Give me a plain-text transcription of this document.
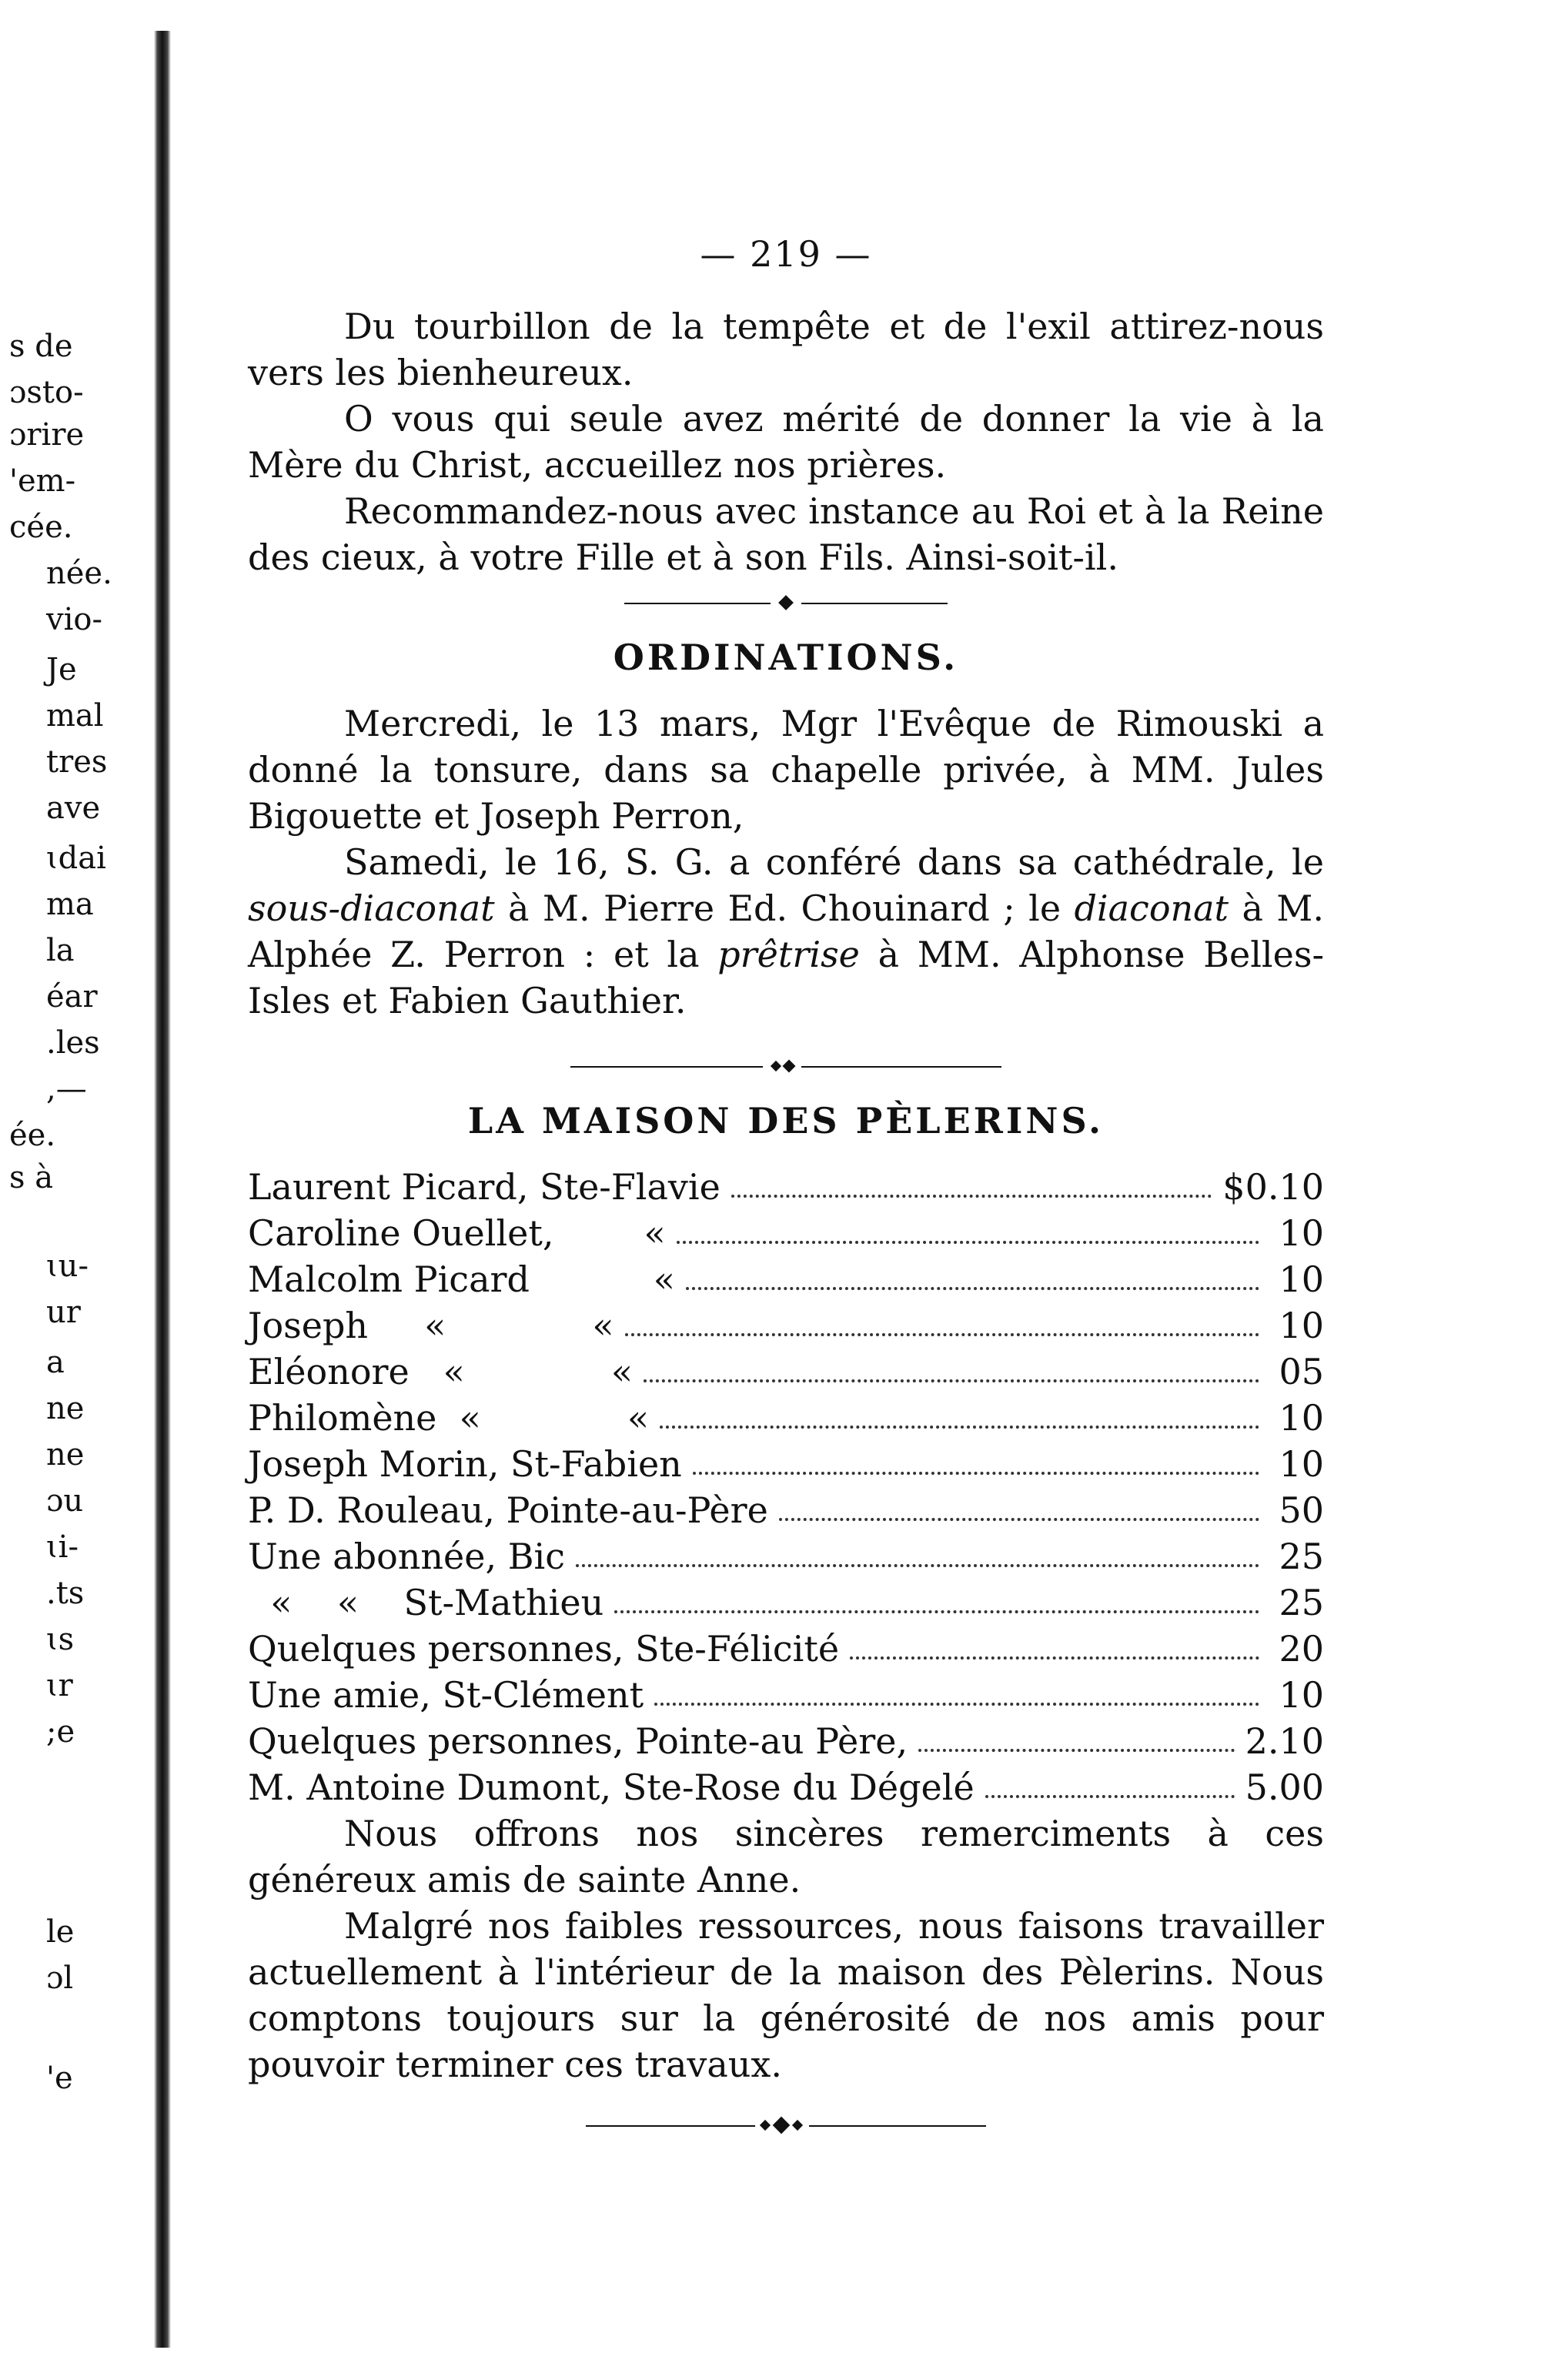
s de
ɔsto-
ɔrire
'em-
cée.
née.
vio-
Je
mal
tres
ave
ɩdai
ma
la
éar
.les
,—
ée.
s à
ɩu-
ur
a
ne
ne
ɔu
ɩi-
.ts
ɩs
ɩr
;e
le
ɔl
'e
— 219 —

Du tourbillon de la tempête et de l'exil attirez-nous vers les bienheureux.

O vous qui seule avez mérité de donner la vie à la Mère du Christ, accueillez nos prières.

Recommandez-nous avec instance au Roi et à la Reine des cieux, à votre Fille et à son Fils. Ainsi-soit-il.

ORDINATIONS.

Mercredi, le 13 mars, Mgr l'Evêque de Rimouski a donné la tonsure, dans sa chapelle privée, à MM. Jules Bigouette et Joseph Perron,

Samedi, le 16, S. G. a conféré dans sa cathédrale, le sous-diaconat à M. Pierre Ed. Chouinard ; le diaconat à M. Alphée Z. Perron : et la prêtrise à MM. Alphonse Belles-Isles et Fabien Gauthier.

LA MAISON DES PÈLERINS.
Laurent Picard, Ste-Flavie	$0.10
Caroline Ouellet,        «	10
Malcolm Picard           «	10
Joseph     «             «	10
Eléonore   «             «	05
Philomène  «             «	10
Joseph Morin, St-Fabien	10
P. D. Rouleau, Pointe-au-Père	50
Une abonnée, Bic	25
«    «    St-Mathieu	25
Quelques personnes, Ste-Félicité	20
Une amie, St-Clément	10
Quelques personnes, Pointe-au Père,	2.10
M. Antoine Dumont, Ste-Rose du Dégelé	5.00

Nous offrons nos sincères remerciments à ces généreux amis de sainte Anne.

Malgré nos faibles ressources, nous faisons travailler actuellement à l'intérieur de la maison des Pèlerins. Nous comptons toujours sur la générosité de nos amis pour pouvoir terminer ces travaux.
